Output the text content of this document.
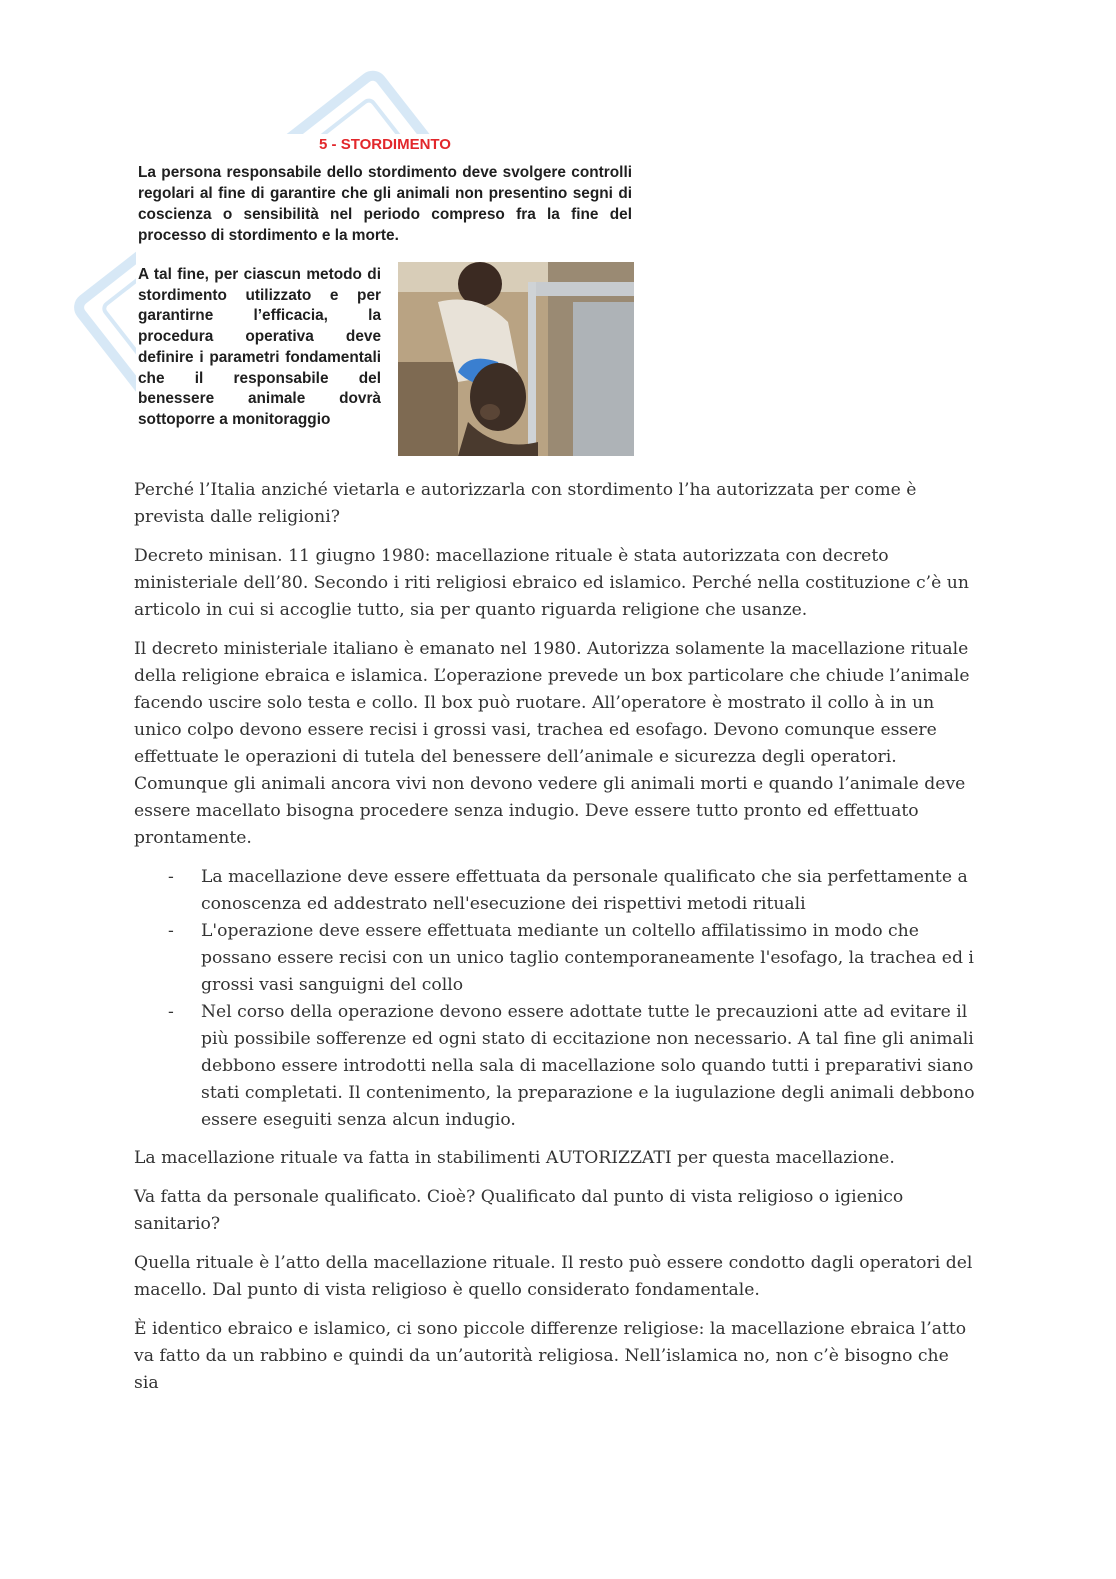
5 - STORDIMENTO
La persona responsabile dello stordimento deve svolgere controlli regolari al fine di garantire che gli animali non presentino segni di coscienza o sensibilità nel periodo compreso fra la fine del processo di stordimento e la morte.
A tal fine, per ciascun metodo di stordimento utilizzato e per garantirne l’efficacia, la procedura operativa deve definire i parametri fondamentali che il responsabile del benessere animale dovrà sottoporre a monitoraggio

Perché l’Italia anziché vietarla e autorizzarla con stordimento l’ha autorizzata per come è prevista dalle religioni?

Decreto minisan. 11 giugno 1980: macellazione rituale è stata autorizzata con decreto ministeriale dell’80. Secondo i riti religiosi ebraico ed islamico. Perché nella costituzione c’è un articolo in cui si accoglie tutto, sia per quanto riguarda religione che usanze.

Il decreto ministeriale italiano è emanato nel 1980. Autorizza solamente la macellazione rituale della religione ebraica e islamica. L’operazione prevede un box particolare che chiude l’animale facendo uscire solo testa e collo. Il box può ruotare. All’operatore è mostrato il collo à in un unico colpo devono essere recisi i grossi vasi, trachea ed esofago. Devono comunque essere effettuate le operazioni di tutela del benessere dell’animale e sicurezza degli operatori. Comunque gli animali ancora vivi non devono vedere gli animali morti e quando l’animale deve essere macellato bisogna procedere senza indugio. Deve essere tutto pronto ed effettuato prontamente.

- La macellazione deve essere effettuata da personale qualificato che sia perfettamente a conoscenza ed addestrato nell'esecuzione dei rispettivi metodi rituali
- L'operazione deve essere effettuata mediante un coltello affilatissimo in modo che possano essere recisi con un unico taglio contemporaneamente l'esofago, la trachea ed i grossi vasi sanguigni del collo
- Nel corso della operazione devono essere adottate tutte le precauzioni atte ad evitare il più possibile sofferenze ed ogni stato di eccitazione non necessario. A tal fine gli animali debbono essere introdotti nella sala di macellazione solo quando tutti i preparativi siano stati completati. Il contenimento, la preparazione e la iugulazione degli animali debbono essere eseguiti senza alcun indugio.

La macellazione rituale va fatta in stabilimenti AUTORIZZATI per questa macellazione.

Va fatta da personale qualificato. Cioè? Qualificato dal punto di vista religioso o igienico sanitario?

Quella rituale è l’atto della macellazione rituale. Il resto può essere condotto dagli operatori del macello. Dal punto di vista religioso è quello considerato fondamentale.

È identico ebraico e islamico, ci sono piccole differenze religiose: la macellazione ebraica l’atto va fatto da un rabbino e quindi da un’autorità religiosa. Nell’islamica no, non c’è bisogno che sia
